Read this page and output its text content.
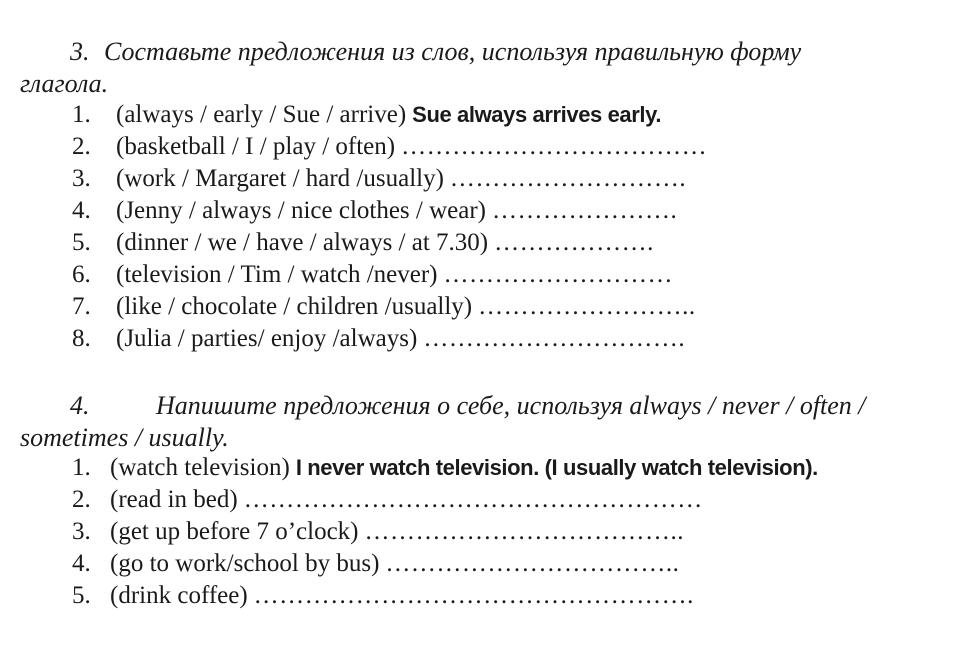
3. Составьте предложения из слов, используя правильную форму
глагола.
1. (always / early / Sue / arrive) Sue always arrives early.
2. (basketball / I / play / often) ………………………………
3. (work / Margaret / hard /usually) ……………………….
4. (Jenny / always / nice clothes / wear) ………………….
5. (dinner / we / have / always / at 7.30) ……………….
6. (television / Tim / watch /never) ………………………
7. (like / chocolate / children /usually) ……………………..
8. (Julia / parties/ enjoy /always) ………………………….
4.	Напишите предложения о себе, используя always / never / often /
sometimes / usually.
1. (watch television) I never watch television. (I usually watch television).
2. (read in bed) ………………………………………………
3. (get up before 7 o’clock) ………………………………..
4. (go to work/school by bus) ……………………………..
5. (drink coffee) …………………………………………….
